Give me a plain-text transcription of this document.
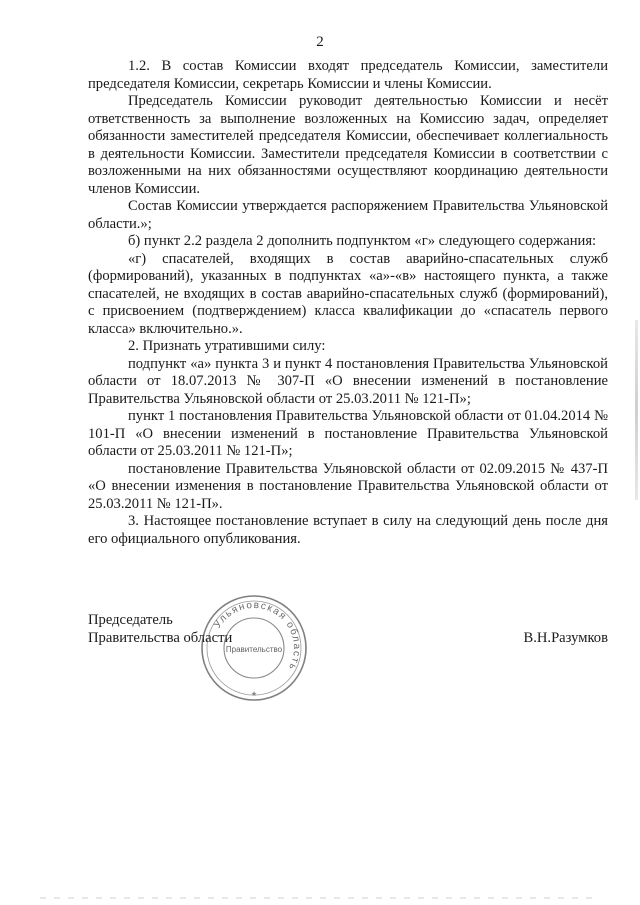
2

1.2. В состав Комиссии входят председатель Комиссии, заместители председателя Комиссии, секретарь Комиссии и члены Комиссии.

Председатель Комиссии руководит деятельностью Комиссии и несёт ответственность за выполнение возложенных на Комиссию задач, определяет обязанности заместителей председателя Комиссии, обеспечивает коллегиальность в деятельности Комиссии. Заместители председателя Комиссии в соответствии с возложенными на них обязанностями осуществляют координацию деятельности членов Комиссии.

Состав Комиссии утверждается распоряжением Правительства Ульяновской области.»;

б) пункт 2.2 раздела 2 дополнить подпунктом «г» следующего содержания:

«г) спасателей, входящих в состав аварийно-спасательных служб (формирований), указанных в подпунктах «а»-«в» настоящего пункта, а также спасателей, не входящих в состав аварийно-спасательных служб (формирований), с присвоением (подтверждением) класса квалификации до «спасатель первого класса» включительно.».

2. Признать утратившими силу:

подпункт «а» пункта 3 и пункт 4 постановления Правительства Ульяновской области от 18.07.2013 № 307-П «О внесении изменений в постановление Правительства Ульяновской области от 25.03.2011 № 121-П»;

пункт 1 постановления Правительства Ульяновской области от 01.04.2014 № 101-П «О внесении изменений в постановление Правительства Ульяновской области от 25.03.2011 № 121-П»;

постановление Правительства Ульяновской области от 02.09.2015 № 437-П «О внесении изменения в постановление Правительства Ульяновской области от 25.03.2011 № 121-П».

3. Настоящее постановление вступает в силу на следующий день после дня его официального опубликования.

Председатель
Правительства области	В.Н.Разумков
Ульяновская область
Правительство
★
